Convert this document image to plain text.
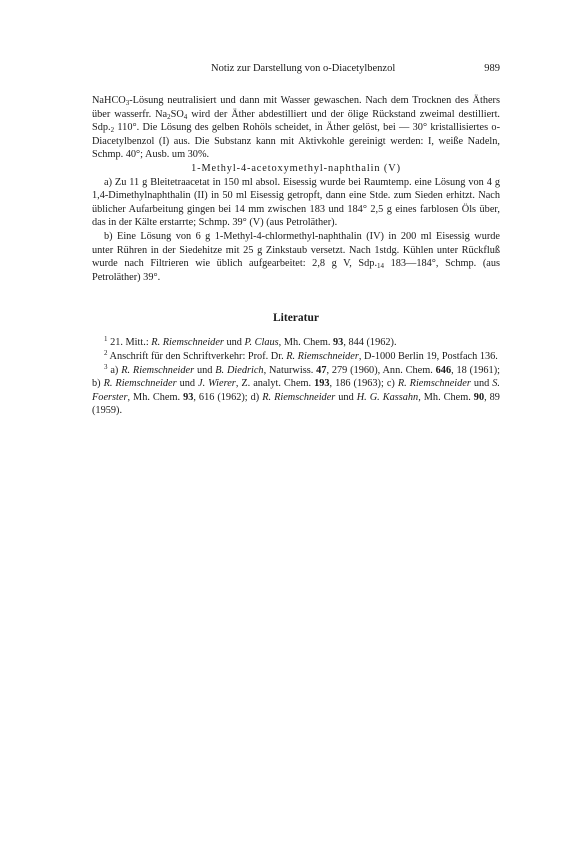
Notiz zur Darstellung von o-Diacetylbenzol	989

NaHCO$_3$-Lösung neutralisiert und dann mit Wasser gewaschen. Nach dem Trocknen des Äthers über wasserfr. $Na_2SO_4$ wird der Äther abdestilliert und der ölige Rückstand zweimal destilliert. $Sdp._2$ 110°. Die Lösung des gelben Rohöls scheidet, in Äther gelöst, bei — 30° kristallisiertes o-Diacetylbenzol (I) aus. Die Substanz kann mit Aktivkohle gereinigt werden: I, weiße Nadeln, Schmp. 40°; Ausb. um 30%.

1-Methyl-4-acetoxymethyl-naphthalin (V)

a) Zu 11 g Bleitetraacetat in 150 ml absol. Eisessig wurde bei Raumtemp. eine Lösung von 4 g 1,4-Dimethylnaphthalin (II) in 50 ml Eisessig getropft, dann eine Stde. zum Sieden erhitzt. Nach üblicher Aufarbeitung gingen bei 14 mm zwischen 183 und 184° 2,5 g eines farblosen Öls über, das in der Kälte erstarrte; Schmp. 39° (V) (aus Petroläther).

b) Eine Lösung von 6 g 1-Methyl-4-chlormethyl-naphthalin (IV) in 200 ml Eisessig wurde unter Rühren in der Siedehitze mit 25 g Zinkstaub versetzt. Nach 1stdg. Kühlen unter Rückfluß wurde nach Filtrieren wie üblich aufgearbeitet: 2,8 g V, $Sdp._{14}$ 183—184°, Schmp. (aus Petroläther) 39°.

Literatur

$^1$ 21. Mitt.: R. Riemschneider und P. Claus, Mh. Chem. 93, 844 (1962).

$^2$ Anschrift für den Schriftverkehr: Prof. Dr. R. Riemschneider, D-1000 Berlin 19, Postfach 136.

$^3$ a) R. Riemschneider und B. Diedrich, Naturwiss. 47, 279 (1960), Ann. Chem. 646, 18 (1961); b) R. Riemschneider und J. Wierer, Z. analyt. Chem. 193, 186 (1963); c) R. Riemschneider und S. Foerster, Mh. Chem. 93, 616 (1962); d) R. Riemschneider und H. G. Kassahn, Mh. Chem. 90, 89 (1959).
